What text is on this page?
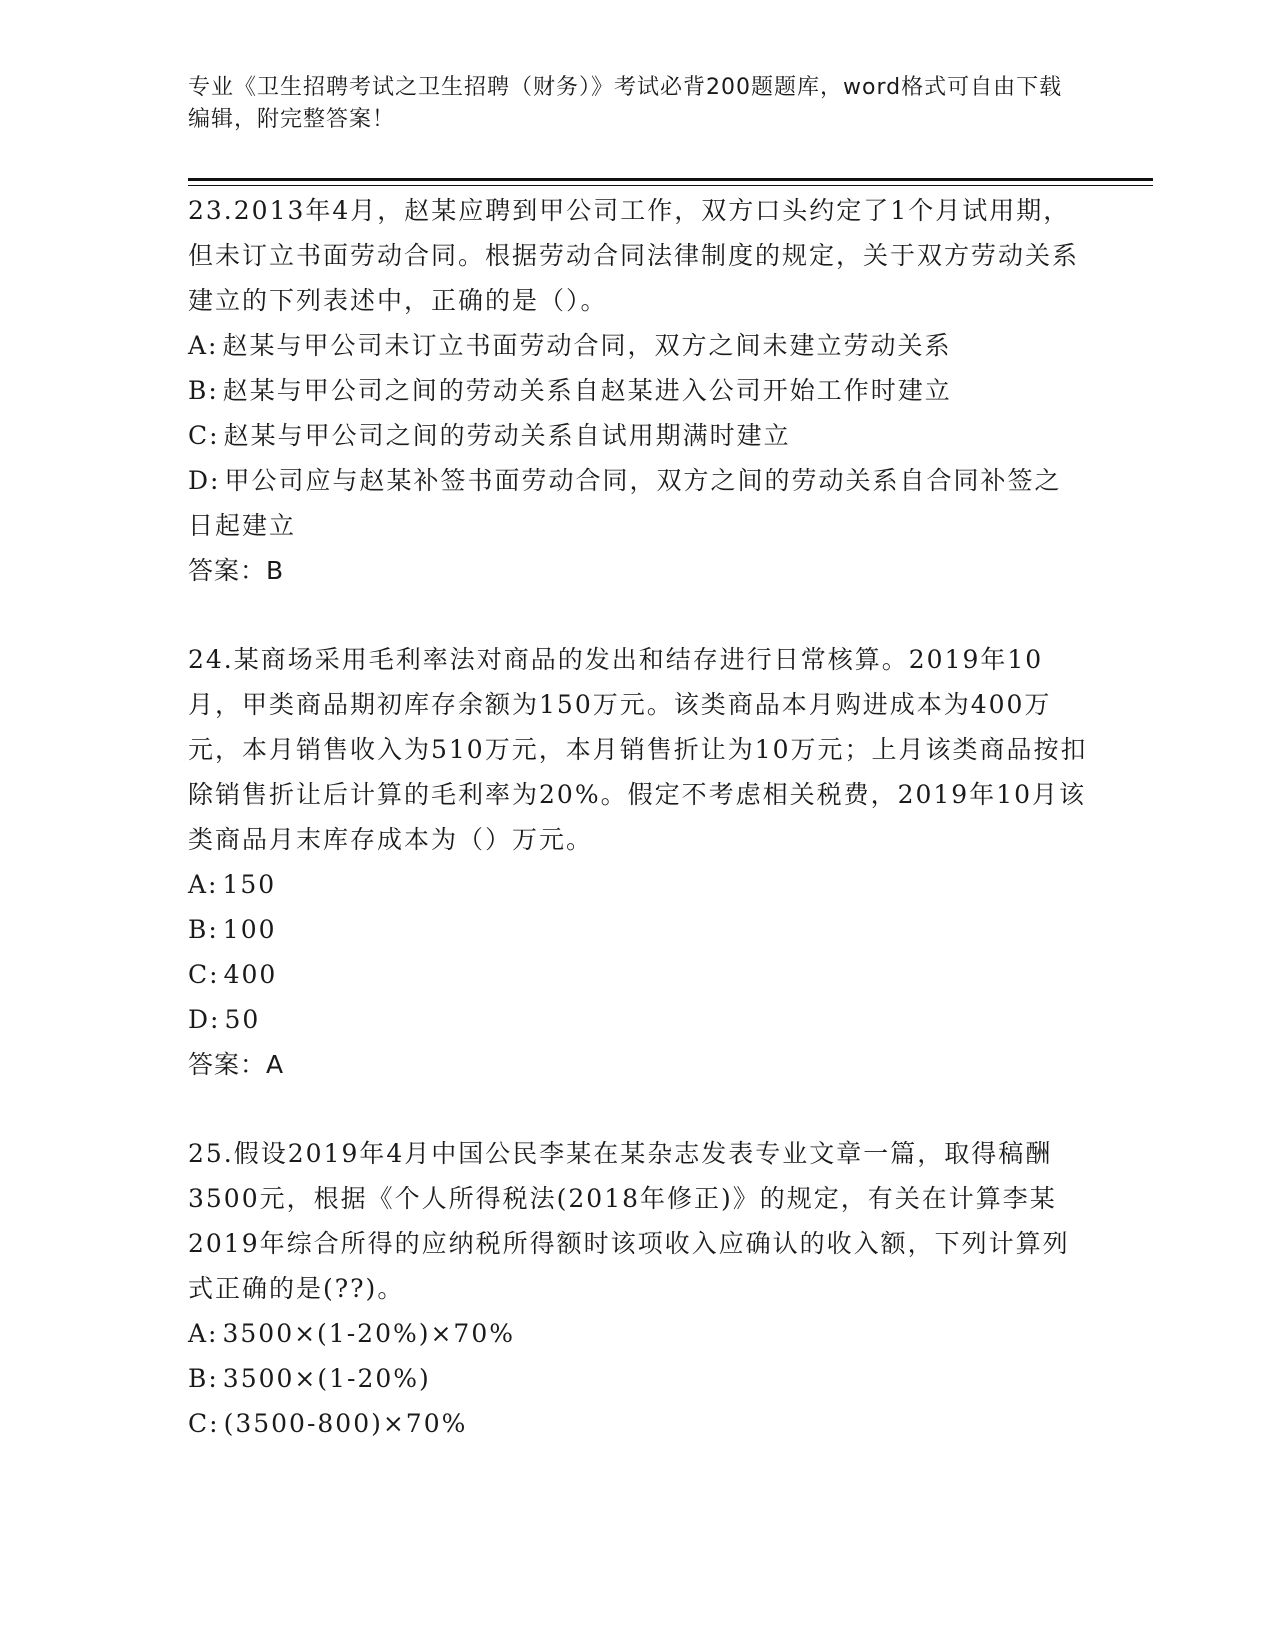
专业《卫生招聘考试之卫生招聘（财务）》考试必背200题题库，word格式可自由下载编辑，附完整答案！

23.2013年4月，赵某应聘到甲公司工作，双方口头约定了1个月试用期，但未订立书面劳动合同。根据劳动合同法律制度的规定，关于双方劳动关系建立的下列表述中，正确的是（）。

A: 赵某与甲公司未订立书面劳动合同，双方之间未建立劳动关系

B: 赵某与甲公司之间的劳动关系自赵某进入公司开始工作时建立

C: 赵某与甲公司之间的劳动关系自试用期满时建立

D: 甲公司应与赵某补签书面劳动合同，双方之间的劳动关系自合同补签之日起建立

答案：B

24.某商场采用毛利率法对商品的发出和结存进行日常核算。2019年10月，甲类商品期初库存余额为150万元。该类商品本月购进成本为400万元，本月销售收入为510万元，本月销售折让为10万元；上月该类商品按扣除销售折让后计算的毛利率为20%。假定不考虑相关税费，2019年10月该类商品月末库存成本为（）万元。

A: 150

B: 100

C: 400

D: 50

答案：A

25.假设2019年4月中国公民李某在某杂志发表专业文章一篇，取得稿酬3500元，根据《个人所得税法(2018年修正)》的规定，有关在计算李某2019年综合所得的应纳税所得额时该项收入应确认的收入额，下列计算列式正确的是(??)。

A: 3500×(1-20%)×70%

B: 3500×(1-20%)

C: (3500-800)×70%
